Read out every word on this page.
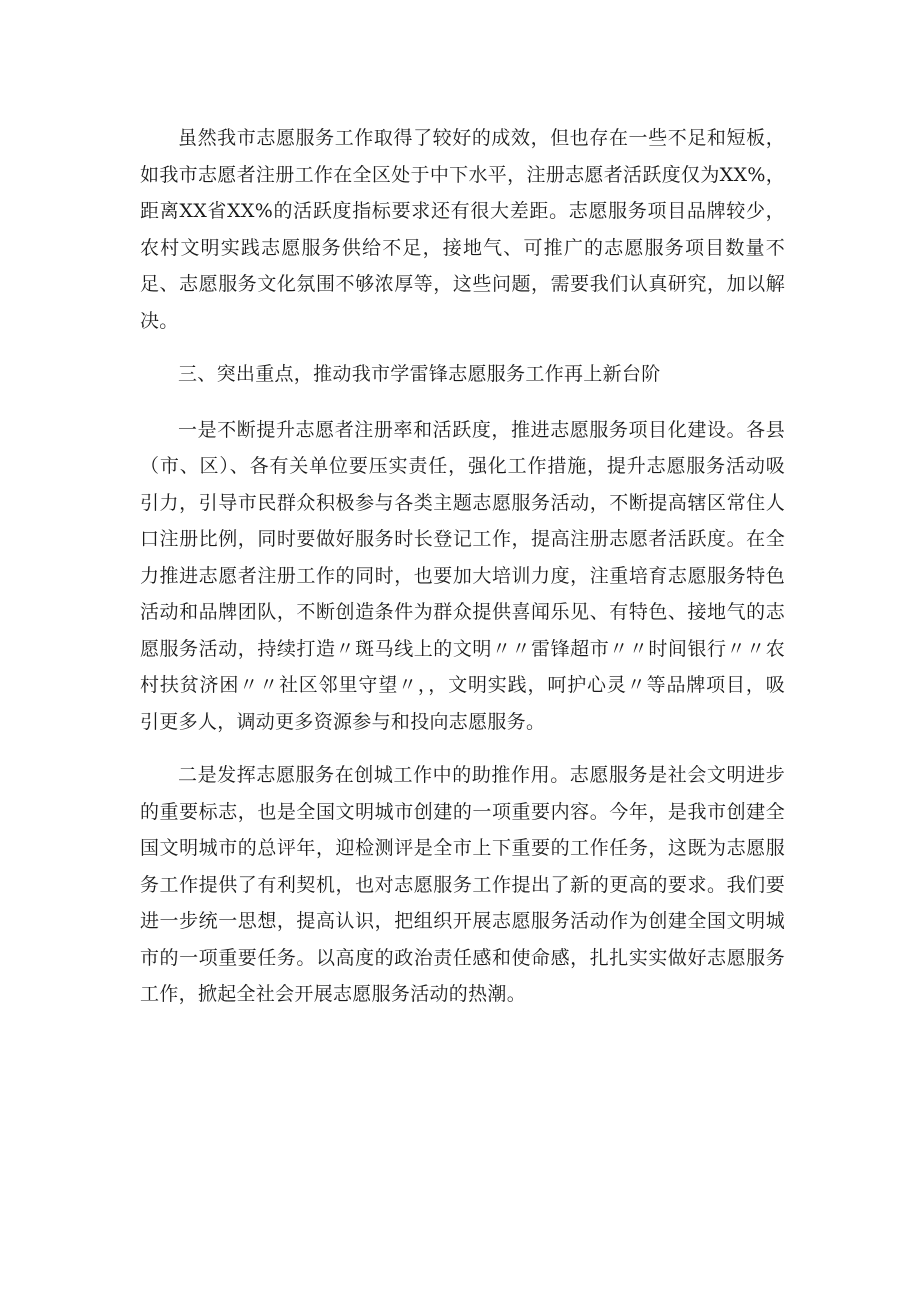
虽然我市志愿服务工作取得了较好的成效，但也存在一些不足和短板，如我市志愿者注册工作在全区处于中下水平，注册志愿者活跃度仅为XX%，距离XX省XX%的活跃度指标要求还有很大差距。志愿服务项目品牌较少，农村文明实践志愿服务供给不足，接地气、可推广的志愿服务项目数量不足、志愿服务文化氛围不够浓厚等，这些问题，需要我们认真研究，加以解决。

三、突出重点，推动我市学雷锋志愿服务工作再上新台阶

一是不断提升志愿者注册率和活跃度，推进志愿服务项目化建设。各县（市、区）、各有关单位要压实责任，强化工作措施，提升志愿服务活动吸引力，引导市民群众积极参与各类主题志愿服务活动，不断提高辖区常住人口注册比例，同时要做好服务时长登记工作，提高注册志愿者活跃度。在全力推进志愿者注册工作的同时，也要加大培训力度，注重培育志愿服务特色活动和品牌团队，不断创造条件为群众提供喜闻乐见、有特色、接地气的志愿服务活动，持续打造〃斑马线上的文明〃〃雷锋超市〃〃时间银行〃〃农村扶贫济困〃〃社区邻里守望〃，，文明实践，呵护心灵〃等品牌项目，吸引更多人，调动更多资源参与和投向志愿服务。

二是发挥志愿服务在创城工作中的助推作用。志愿服务是社会文明进步的重要标志，也是全国文明城市创建的一项重要内容。今年，是我市创建全国文明城市的总评年，迎检测评是全市上下重要的工作任务，这既为志愿服务工作提供了有利契机，也对志愿服务工作提出了新的更高的要求。我们要进一步统一思想，提高认识，把组织开展志愿服务活动作为创建全国文明城市的一项重要任务。以高度的政治责任感和使命感，扎扎实实做好志愿服务工作，掀起全社会开展志愿服务活动的热潮。
